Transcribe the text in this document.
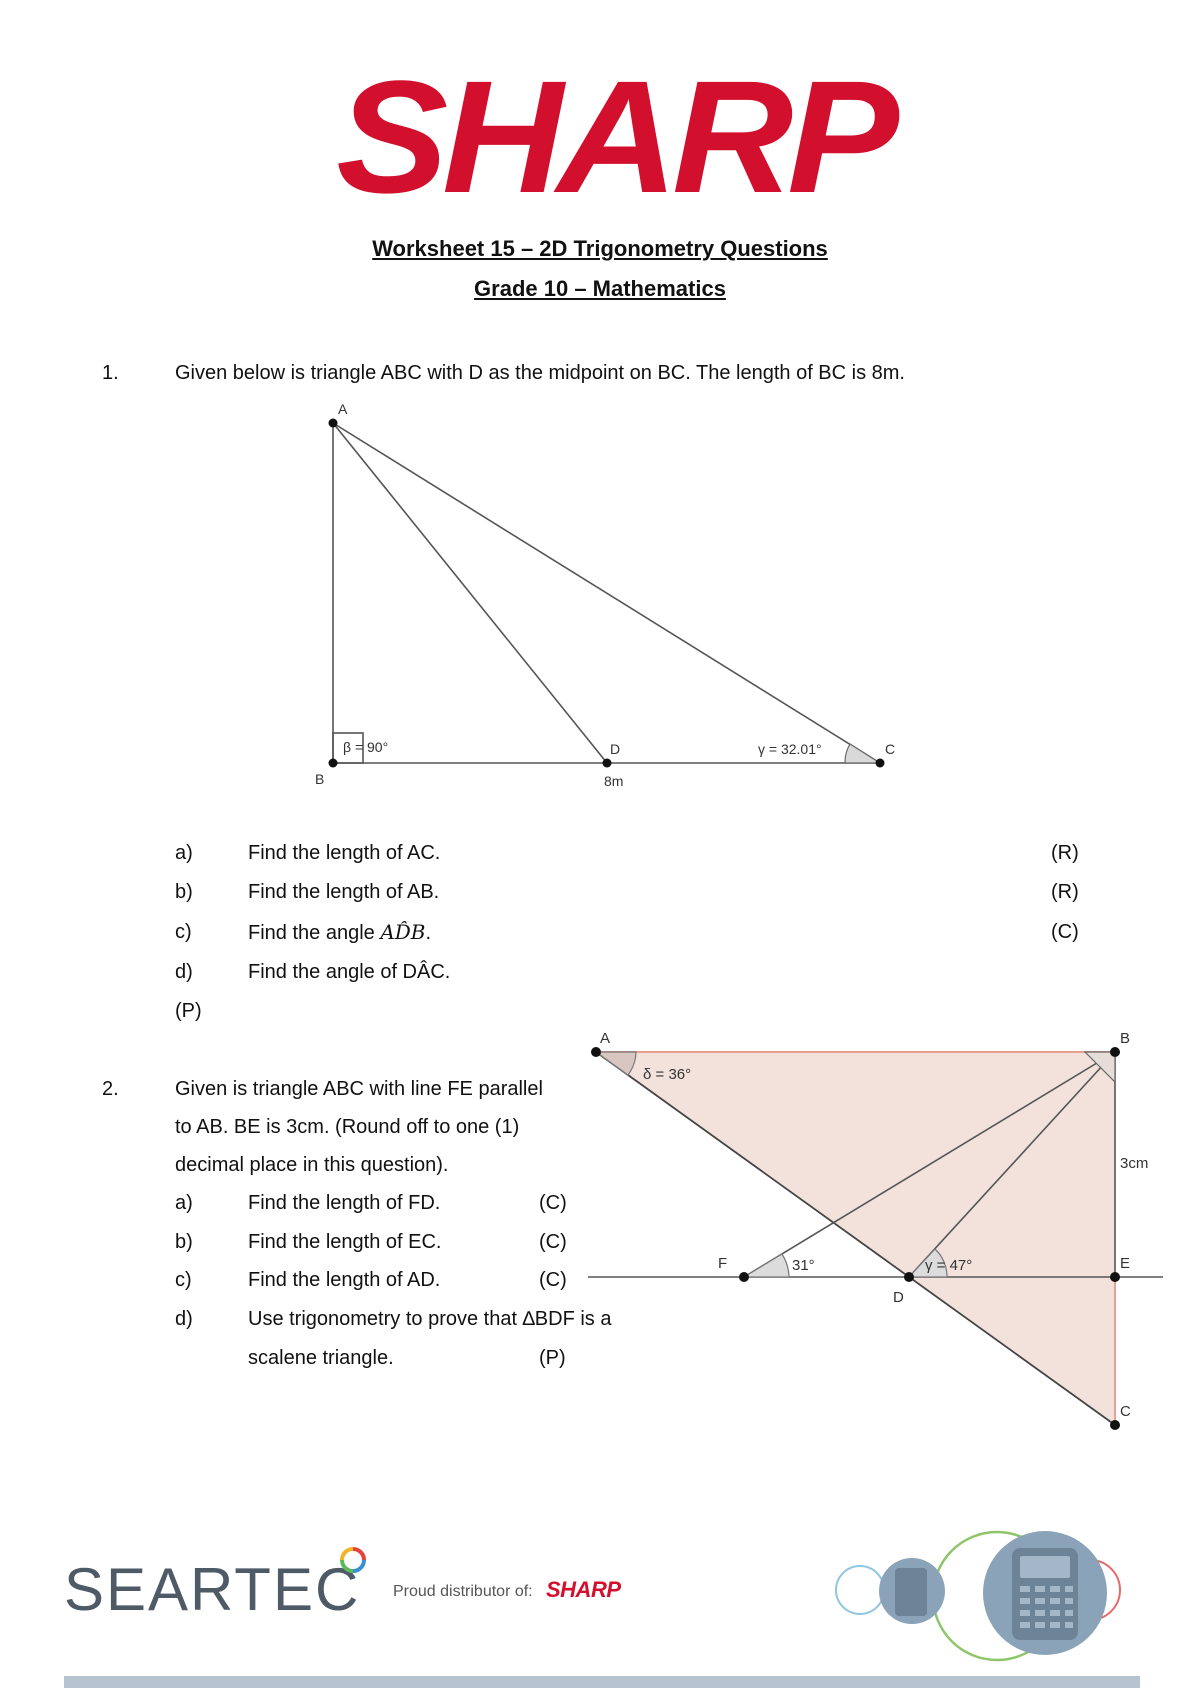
SHARP
Worksheet 15 – 2D Trigonometry Questions
Grade 10 – Mathematics
1.	Given below is triangle ABC with D as the midpoint on BC. The length of BC is 8m.
A
B
D	C
β = 90°	γ = 32.01°
8m
a)	Find the length of AC.	(R)
b)	Find the length of AB.	(R)
c)	Find the angle AD̂B.	(C)
d)	Find the angle of DÂC.
(P)
A	B
E
C
F
D
δ = 36°
31°	γ = 47°
3cm
2.	Given is triangle ABC with line FE parallel
to AB. BE is 3cm. (Round off to one (1)
decimal place in this question).
a)	Find the length of FD.	(C)
b)	Find the length of EC.	(C)
c)	Find the length of AD.	(C)
d)	Use trigonometry to prove that ∆BDF is a
scalene triangle.	(P)
SEARTEC Proud distributor of: SHARP
